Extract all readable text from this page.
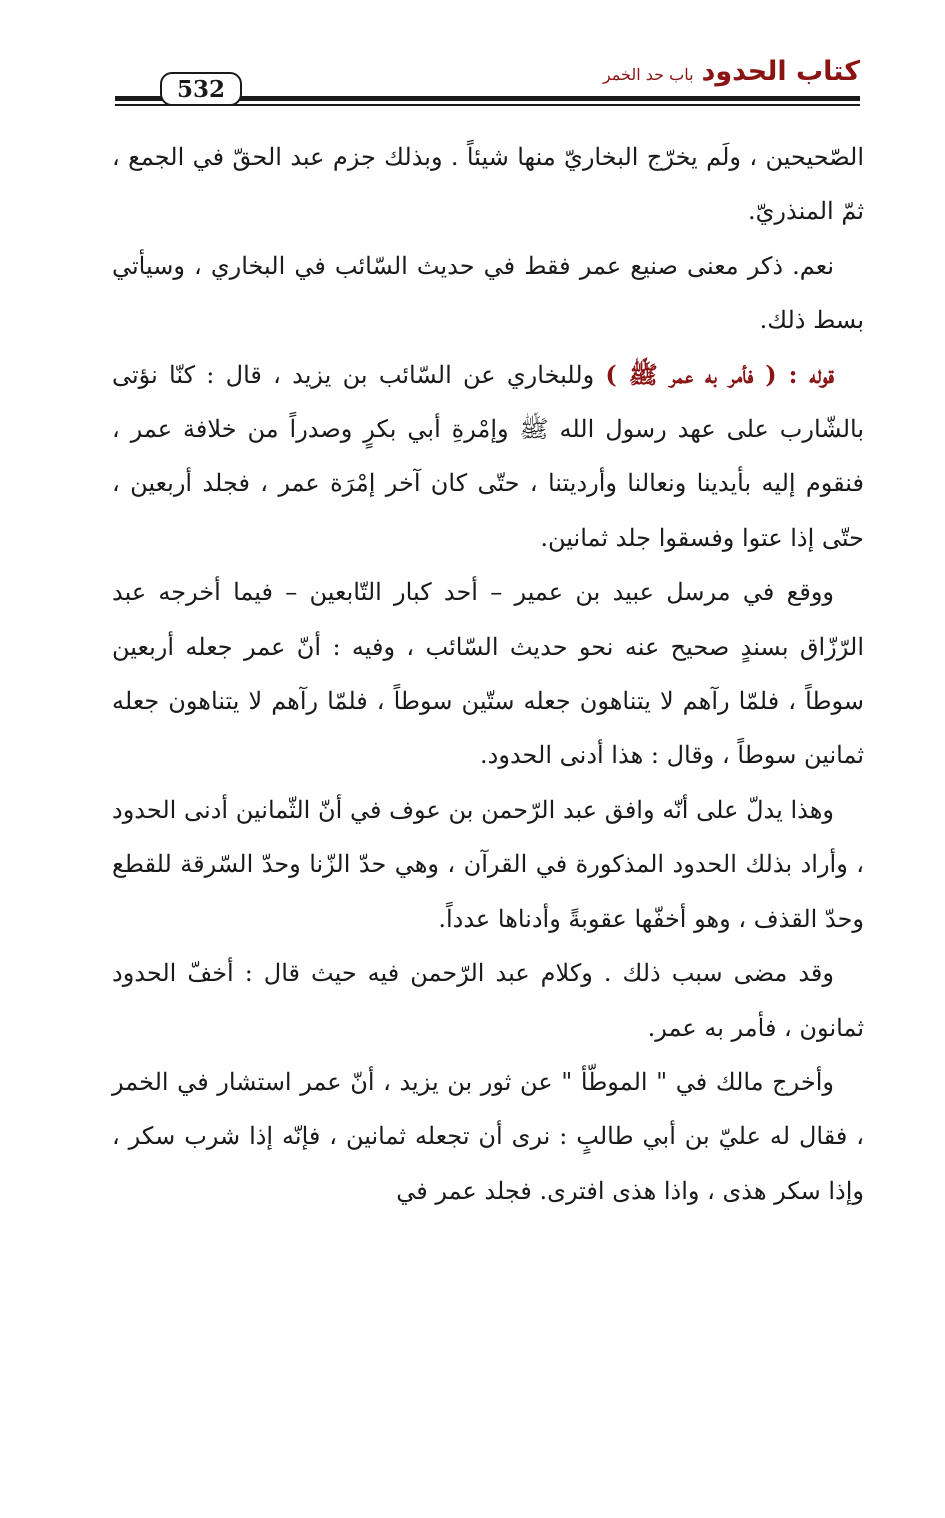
كتاب الحدودباب حد الخمر
532

الصّحيحين ، ولَم يخرّج البخاريّ منها شيئاً . وبذلك جزم عبد الحقّ في الجمع ، ثمّ المنذريّ.

نعم. ذكر معنى صنيع عمر فقط في حديث السّائب في البخاري ، وسيأتي بسط ذلك.

قوله : ( فأمر به عمر ﷺ ) وللبخاري عن السّائب بن يزيد ، قال : كنّا نؤتى بالشّارب على عهد رسول الله ﷺ وإمْرةِ أبي بكرٍ وصدراً من خلافة عمر ، فنقوم إليه بأيدينا ونعالنا وأرديتنا ، حتّى كان آخر إمْرَة عمر ، فجلد أربعين ، حتّى إذا عتوا وفسقوا جلد ثمانين.

ووقع في مرسل عبيد بن عمير – أحد كبار التّابعين – فيما أخرجه عبد الرّزّاق بسندٍ صحيح عنه نحو حديث السّائب ، وفيه : أنّ عمر جعله أربعين سوطاً ، فلمّا رآهم لا يتناهون جعله ستّين سوطاً ، فلمّا رآهم لا يتناهون جعله ثمانين سوطاً ، وقال : هذا أدنى الحدود.

وهذا يدلّ على أنّه وافق عبد الرّحمن بن عوف في أنّ الثّمانين أدنى الحدود ، وأراد بذلك الحدود المذكورة في القرآن ، وهي حدّ الزّنا وحدّ السّرقة للقطع وحدّ القذف ، وهو أخفّها عقوبةً وأدناها عدداً.

وقد مضى سبب ذلك . وكلام عبد الرّحمن فيه حيث قال : أخفّ الحدود ثمانون ، فأمر به عمر.

وأخرج مالك في " الموطّأ " عن ثور بن يزيد ، أنّ عمر استشار في الخمر ، فقال له عليّ بن أبي طالبٍ : نرى أن تجعله ثمانين ، فإنّه إذا شرب سكر ، وإذا سكر هذى ، واذا هذى افترى. فجلد عمر في
